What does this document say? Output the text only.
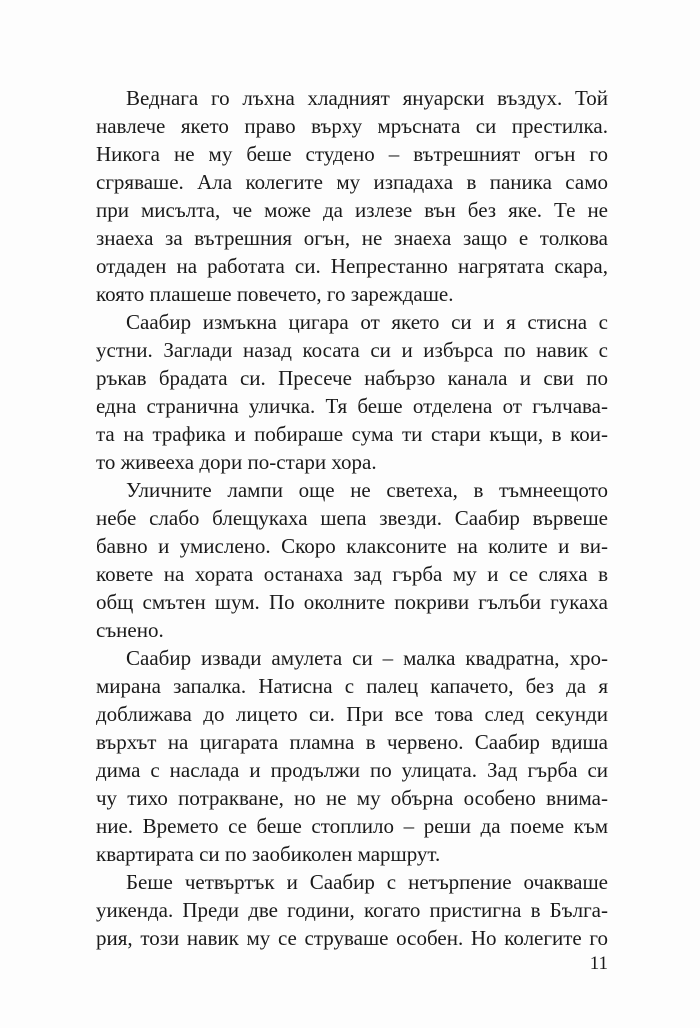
Веднага го лъхна хладният януарски въздух. Той
навлече якето право върху мръсната си престилка.
Никога не му беше студено – вътрешният огън го
сгряваше. Ала колегите му изпадаха в паника само
при мисълта, че може да излезе вън без яке. Те не
знаеха за вътрешния огън, не знаеха защо е толкова
отдаден на работата си. Непрестанно нагрятата скара,
която плашеше повечето, го зареждаше.
Саабир измъкна цигара от якето си и я стисна с
устни. Заглади назад косата си и избърса по навик с
ръкав брадата си. Пресече набързо канала и сви по
една странична уличка. Тя беше отделена от гълчава-
та на трафика и побираше сума ти стари къщи, в кои-
то живееха дори по-стари хора.
Уличните лампи още не светеха, в тъмнеещото
небе слабо блещукаха шепа звезди. Саабир вървеше
бавно и умислено. Скоро клаксоните на колите и ви-
ковете на хората останаха зад гърба му и се сляха в
общ смътен шум. По околните покриви гълъби гукаха
сънено.
Саабир извади амулета си – малка квадратна, хро-
мирана запалка. Натисна с палец капачето, без да я
доближава до лицето си. При все това след секунди
върхът на цигарата пламна в червено. Саабир вдиша
дима с наслада и продължи по улицата. Зад гърба си
чу тихо потракване, но не му обърна особено внима-
ние. Времето се беше стоплило – реши да поеме към
квартирата си по заобиколен маршрут.
Беше четвъртък и Саабир с нетърпение очакваше
уикенда. Преди две години, когато пристигна в Бълга-
рия, този навик му се струваше особен. Но колегите го
11
